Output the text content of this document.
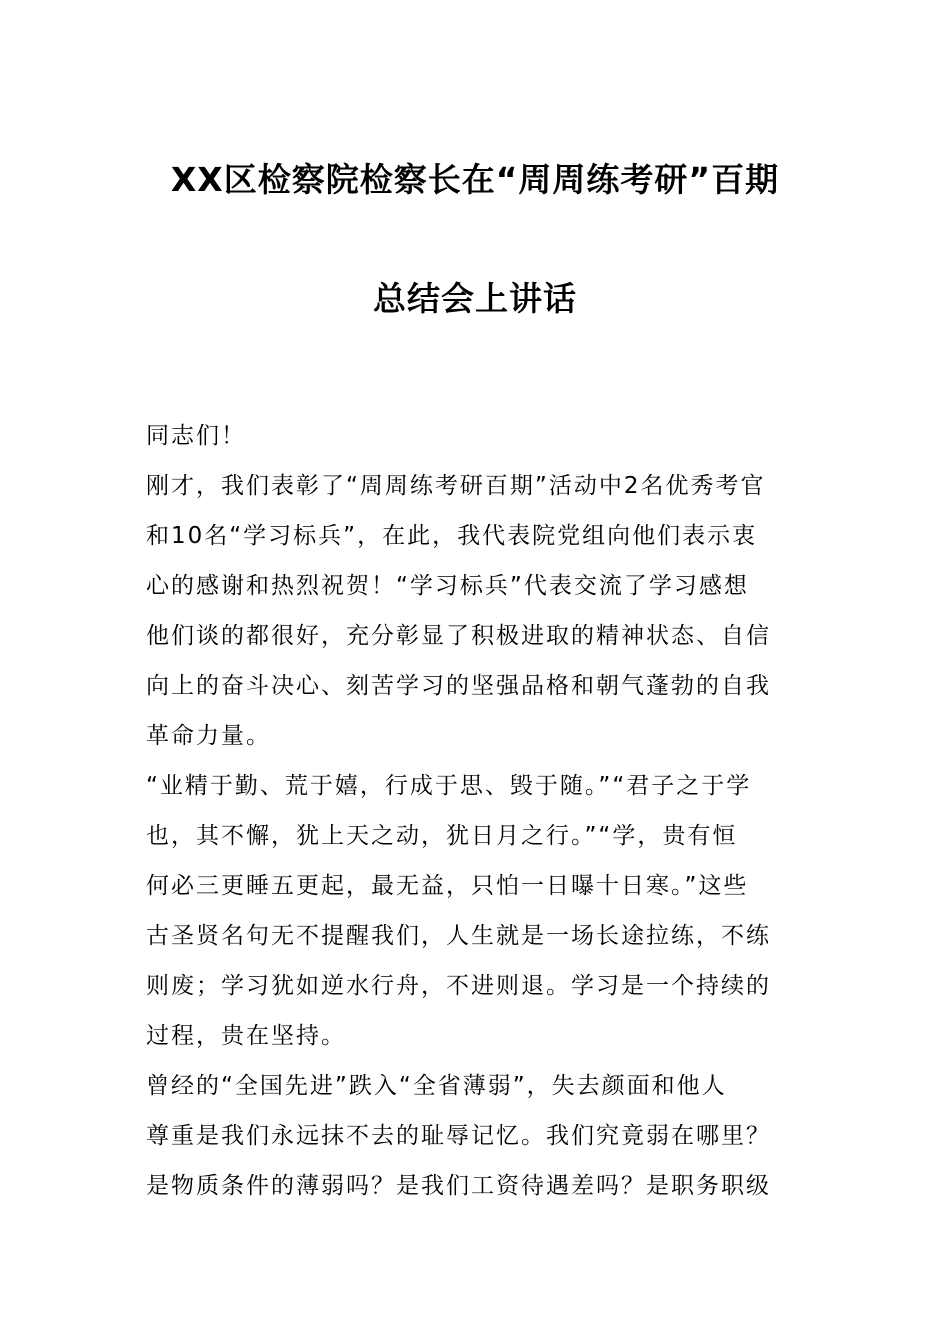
XX区检察院检察长在“周周练考研”百期
总结会上讲话
同志们！
刚才，我们表彰了“周周练考研百期”活动中2名优秀考官
和10名“学习标兵”，在此，我代表院党组向他们表示衷
心的感谢和热烈祝贺！“学习标兵”代表交流了学习感想
他们谈的都很好，充分彰显了积极进取的精神状态、自信
向上的奋斗决心、刻苦学习的坚强品格和朝气蓬勃的自我
革命力量。
“业精于勤、荒于嬉，行成于思、毁于随。”“君子之于学
也，其不懈，犹上天之动，犹日月之行。”“学，贵有恒
何必三更睡五更起，最无益，只怕一日曝十日寒。”这些
古圣贤名句无不提醒我们，人生就是一场长途拉练，不练
则废；学习犹如逆水行舟，不进则退。学习是一个持续的
过程，贵在坚持。
曾经的“全国先进”跌入“全省薄弱”，失去颜面和他人
尊重是我们永远抹不去的耻辱记忆。我们究竟弱在哪里？
是物质条件的薄弱吗？是我们工资待遇差吗？是职务职级
